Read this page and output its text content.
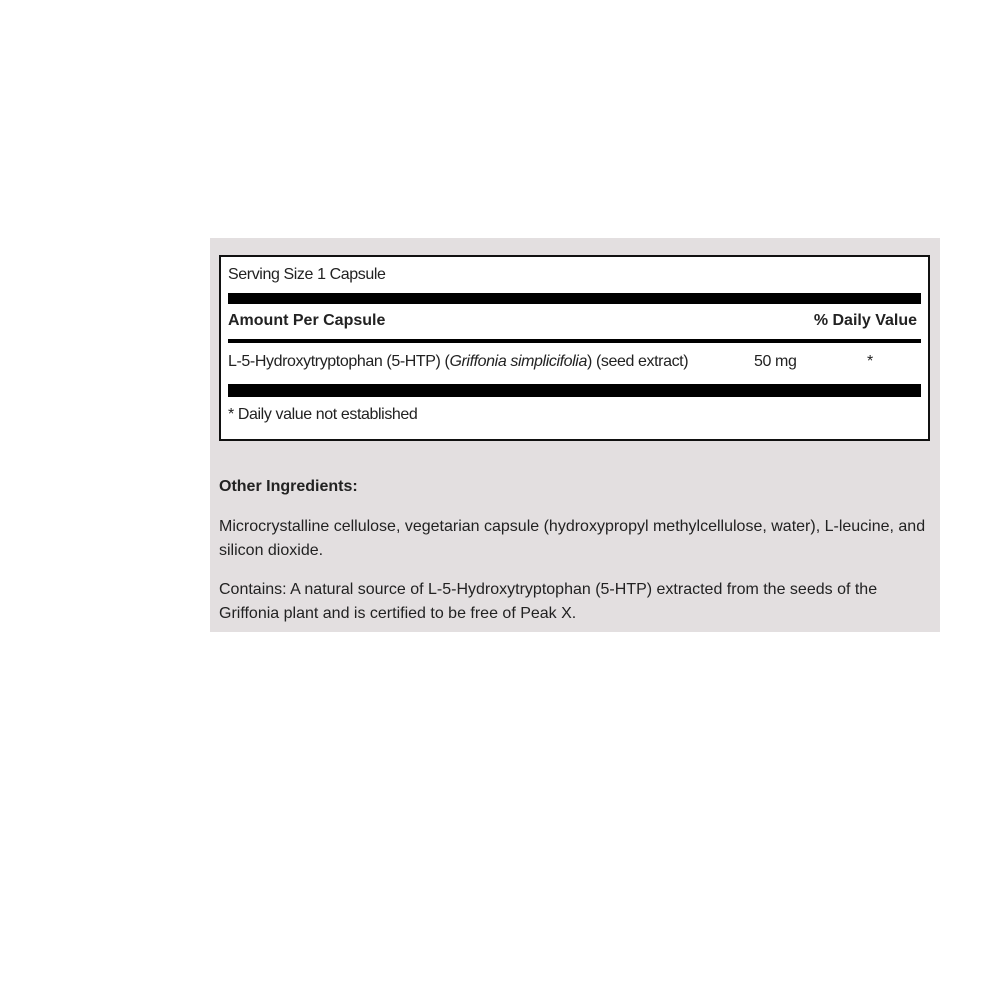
Serving Size 1 Capsule
Amount Per Capsule	% Daily Value
L-5-Hydroxytryptophan (5-HTP) (Griffonia simplicifolia) (seed extract)	50 mg	*
* Daily value not established
Other Ingredients:
Microcrystalline cellulose, vegetarian capsule (hydroxypropyl methylcellulose, water), L-leucine, and silicon dioxide.
Contains: A natural source of L-5-Hydroxytryptophan (5-HTP) extracted from the seeds of the Griffonia plant and is certified to be free of Peak X.
